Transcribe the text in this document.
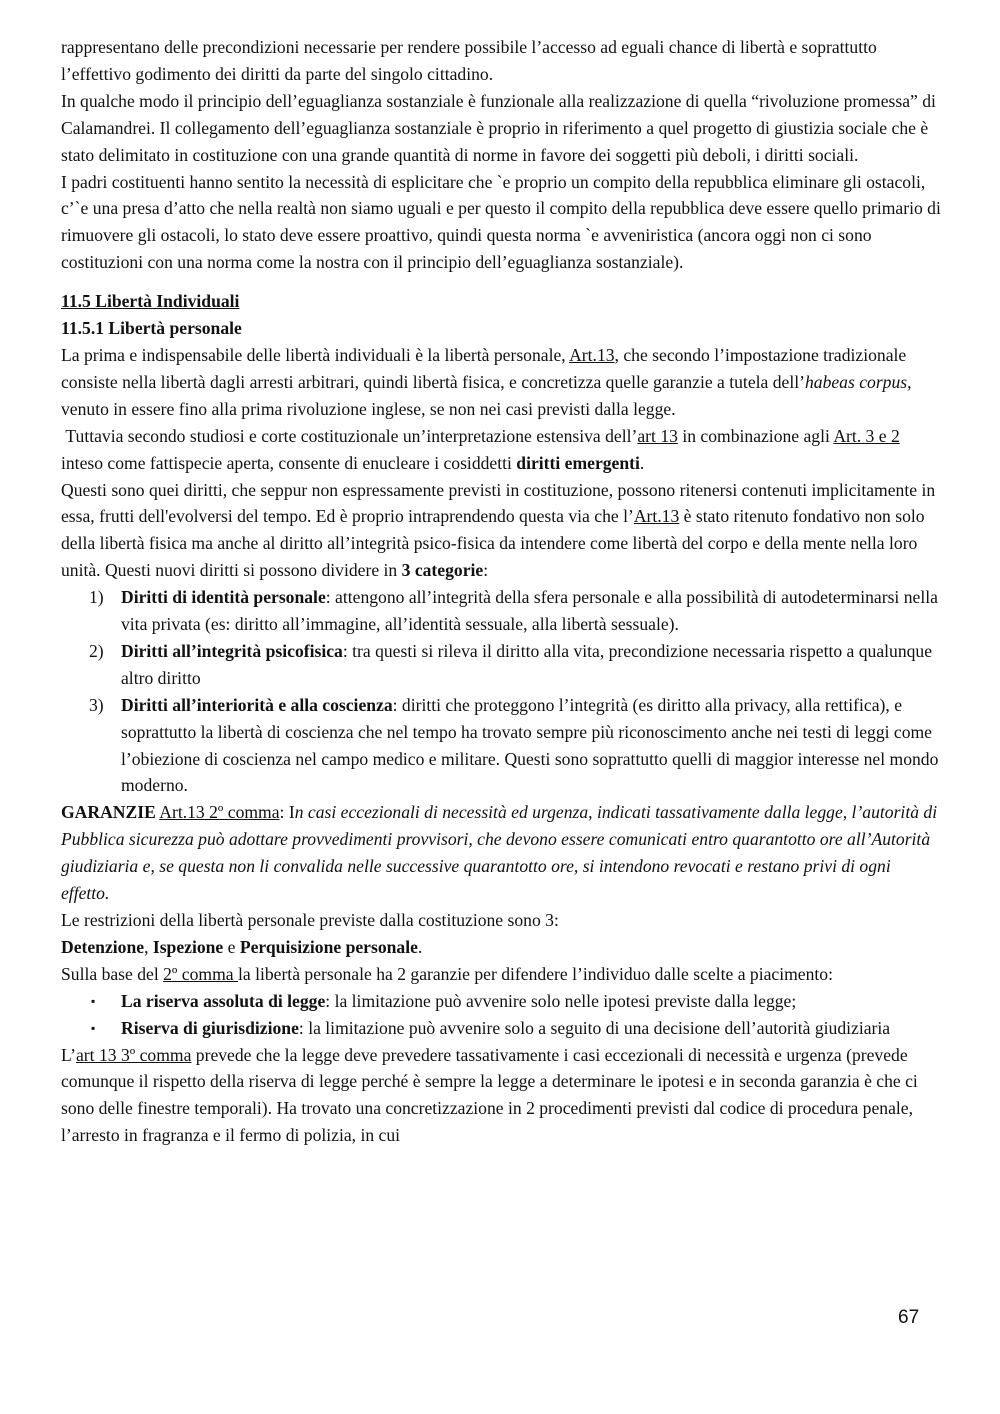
rappresentano delle precondizioni necessarie per rendere possibile l’accesso ad eguali chance di libertà e soprattutto l’effettivo godimento dei diritti da parte del singolo cittadino.

In qualche modo il principio dell’eguaglianza sostanziale è funzionale alla realizzazione di quella “rivoluzione promessa” di Calamandrei. Il collegamento dell’eguaglianza sostanziale è proprio in riferimento a quel progetto di giustizia sociale che è stato delimitato in costituzione con una grande quantità di norme in favore dei soggetti più deboli, i diritti sociali.

I padri costituenti hanno sentito la necessità di esplicitare che `e proprio un compito della repubblica eliminare gli ostacoli, c’`e una presa d’atto che nella realtà non siamo uguali e per questo il compito della repubblica deve essere quello primario di rimuovere gli ostacoli, lo stato deve essere proattivo, quindi questa norma `e avveniristica (ancora oggi non ci sono costituzioni con una norma come la nostra con il principio dell’eguaglianza sostanziale).

11.5 Libertà Individuali

11.5.1 Libertà personale

La prima e indispensabile delle libertà individuali è la libertà personale, Art.13, che secondo l’impostazione tradizionale consiste nella libertà dagli arresti arbitrari, quindi libertà fisica, e concretizza quelle garanzie a tutela dell’habeas corpus, venuto in essere fino alla prima rivoluzione inglese, se non nei casi previsti dalla legge.

Tuttavia secondo studiosi e corte costituzionale un’interpretazione estensiva dell’art 13 in combinazione agli Art. 3 e 2 inteso come fattispecie aperta, consente di enucleare i cosiddetti diritti emergenti.

Questi sono quei diritti, che seppur non espressamente previsti in costituzione, possono ritenersi contenuti implicitamente in essa, frutti dell'evolversi del tempo. Ed è proprio intraprendendo questa via che l’Art.13 è stato ritenuto fondativo non solo della libertà fisica ma anche al diritto all’integrità psico-fisica da intendere come libertà del corpo e della mente nella loro unità. Questi nuovi diritti si possono dividere in 3 categorie:

1) Diritti di identità personale: attengono all’integrità della sfera personale e alla possibilità di autodeterminarsi nella vita privata (es: diritto all’immagine, all’identità sessuale, alla libertà sessuale).
2) Diritti all’integrità psicofisica: tra questi si rileva il diritto alla vita, precondizione necessaria rispetto a qualunque altro diritto
3) Diritti all’interiorità e alla coscienza: diritti che proteggono l’integrità (es diritto alla privacy, alla rettifica), e soprattutto la libertà di coscienza che nel tempo ha trovato sempre più riconoscimento anche nei testi di leggi come l’obiezione di coscienza nel campo medico e militare. Questi sono soprattutto quelli di maggior interesse nel mondo moderno.

GARANZIE Art.13 2º comma: In casi eccezionali di necessità ed urgenza, indicati tassativamente dalla legge, l’autorità di Pubblica sicurezza può adottare provvedimenti provvisori, che devono essere comunicati entro quarantotto ore all’Autorità giudiziaria e, se questa non li convalida nelle successive quarantotto ore, si intendono revocati e restano privi di ogni effetto.

Le restrizioni della libertà personale previste dalla costituzione sono 3:

Detenzione, Ispezione e Perquisizione personale.

Sulla base del 2º comma la libertà personale ha 2 garanzie per difendere l’individuo dalle scelte a piacimento:

▪ La riserva assoluta di legge: la limitazione può avvenire solo nelle ipotesi previste dalla legge;
▪ Riserva di giurisdizione: la limitazione può avvenire solo a seguito di una decisione dell’autorità giudiziaria

L’art 13 3º comma prevede che la legge deve prevedere tassativamente i casi eccezionali di necessità e urgenza (prevede comunque il rispetto della riserva di legge perché è sempre la legge a determinare le ipotesi e in seconda garanzia è che ci sono delle finestre temporali). Ha trovato una concretizzazione in 2 procedimenti previsti dal codice di procedura penale, l’arresto in fragranza e il fermo di polizia, in cui

67
